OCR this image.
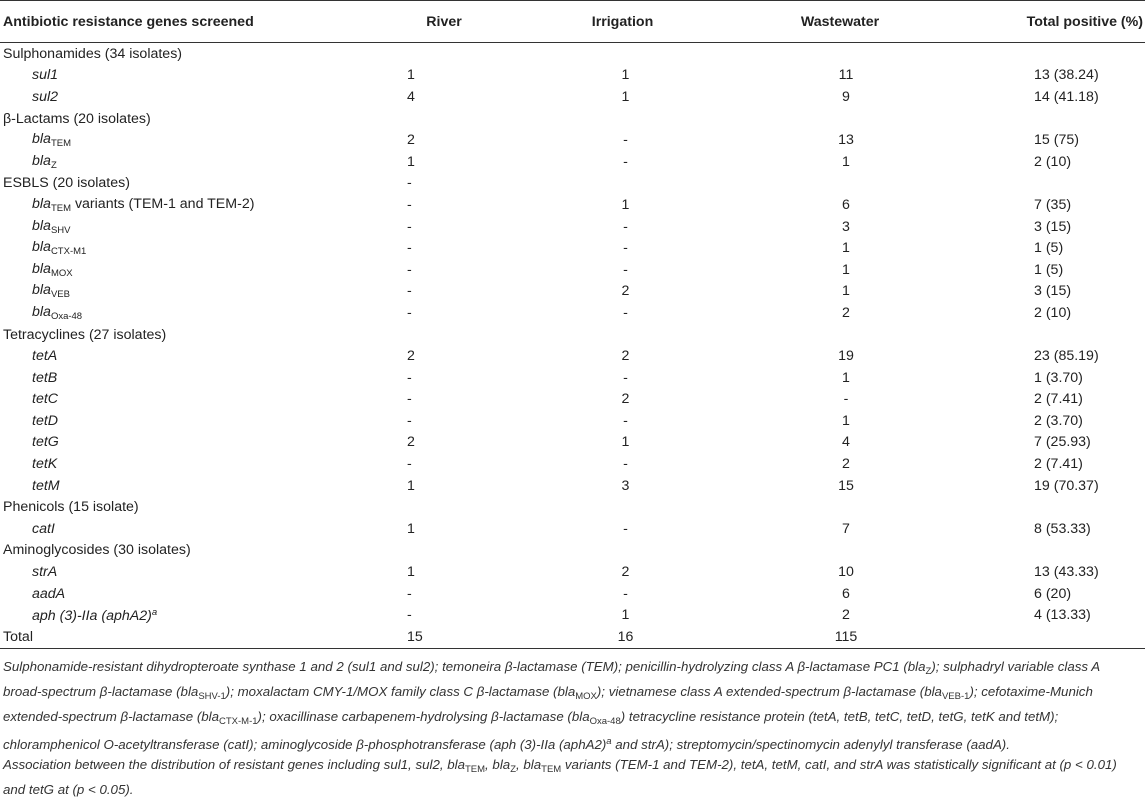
Antibiotic resistance genes screened	River	Irrigation	Wastewater	Total positive (%)
Sulphonamides (34 isolates)				
sul1	1	1	11	13 (38.24)
sul2	4	1	9	14 (41.18)
β-Lactams (20 isolates)				
bla$_{TEM}$	2	-	13	15 (75)
bla$_Z$	1	-	1	2 (10)
ESBLS (20 isolates)	-			
bla$_{TEM}$ variants (TEM-1 and TEM-2)	-	1	6	7 (35)
bla$_{SHV}$	-	-	3	3 (15)
bla$_{CTX-M1}$	-	-	1	1 (5)
bla$_{MOX}$	-	-	1	1 (5)
bla$_{VEB}$	-	2	1	3 (15)
bla$_{Oxa-48}$	-	-	2	2 (10)
Tetracyclines (27 isolates)				
tetA	2	2	19	23 (85.19)
tetB	-	-	1	1 (3.70)
tetC	-	2	-	2 (7.41)
tetD	-	-	1	2 (3.70)
tetG	2	1	4	7 (25.93)
tetK	-	-	2	2 (7.41)
tetM	1	3	15	19 (70.37)
Phenicols (15 isolate)				
catI	1	-	7	8 (53.33)
Aminoglycosides (30 isolates)				
strA	1	2	10	13 (43.33)
aadA	-	-	6	6 (20)
aph (3)-IIa (aphA2)$^a$	-	1	2	4 (13.33)
Total	15	16	115	
Sulphonamide-resistant dihydropteroate synthase 1 and 2 (sul1 and sul2); temoneira β-lactamase (TEM); penicillin-hydrolyzing class A β-lactamase PC1 (bla$_Z$); sulphadryl variable class A broad-spectrum β-lactamase (bla$_{SHV-1}$); moxalactam CMY-1/MOX family class C β-lactamase (bla$_{MOX}$); vietnamese class A extended-spectrum β-lactamase (bla$_{VEB-1}$); cefotaxime-Munich extended-spectrum β-lactamase (bla$_{CTX-M-1}$); oxacillinase carbapenem-hydrolysing β-lactamase (bla$_{Oxa-48}$) tetracycline resistance protein (tetA, tetB, tetC, tetD, tetG, tetK and tetM); chloramphenicol O-acetyltransferase (catI); aminoglycoside β-phosphotransferase (aph (3)-IIa (aphA2)$^a$ and strA); streptomycin/spectinomycin adenylyl transferase (aadA).
Association between the distribution of resistant genes including sul1, sul2, bla$_{TEM}$, bla$_Z$, bla$_{TEM}$ variants (TEM-1 and TEM-2), tetA, tetM, catI, and strA was statistically significant at (p < 0.01) and tetG at (p < 0.05).
